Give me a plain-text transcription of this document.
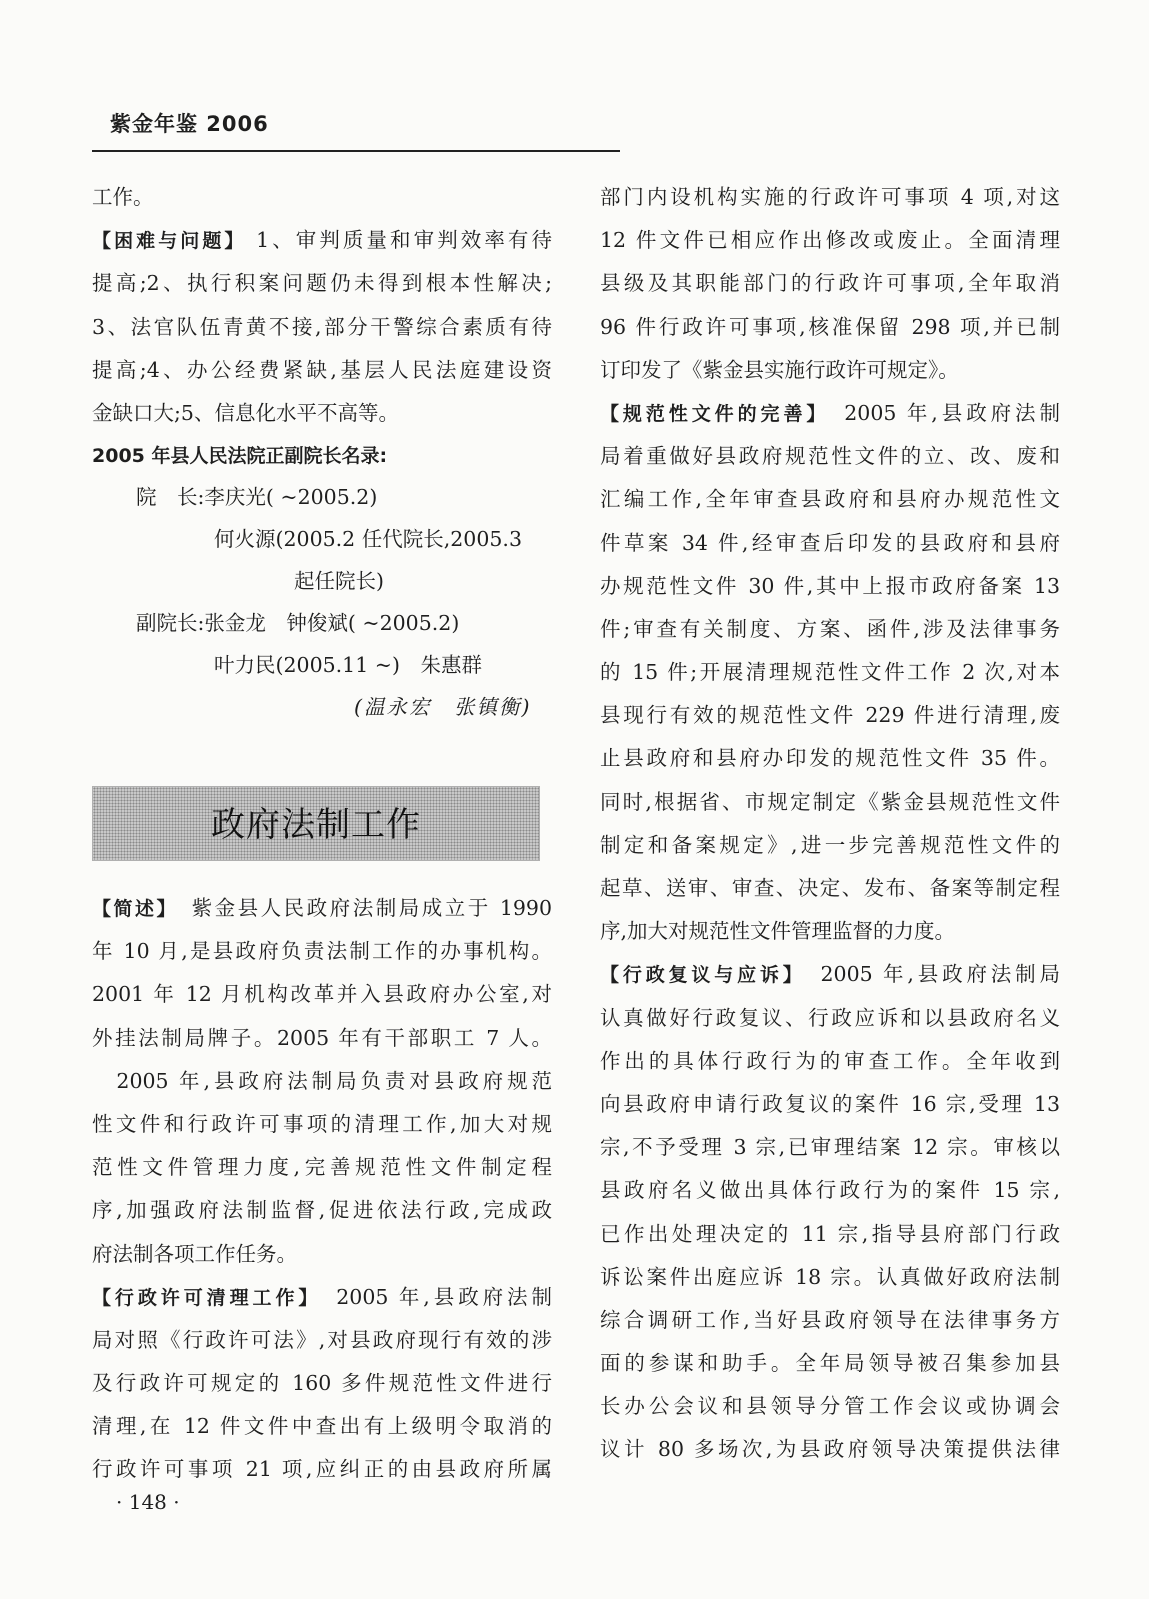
紫金年鉴 2006
工作。
【困难与问题】 1、审判质量和审判效率有待
提高;2、执行积案问题仍未得到根本性解决;
3、法官队伍青黄不接,部分干警综合素质有待
提高;4、办公经费紧缺,基层人民法庭建设资
金缺口大;5、信息化水平不高等。
2005 年县人民法院正副院长名录:
院　长:李庆光( ~2005.2)
何火源(2005.2 任代院长,2005.3
起任院长)
副院长:张金龙　钟俊斌( ~2005.2)
叶力民(2005.11 ~)　朱惠群
(温永宏　张镇衡)
政府法制工作
【简述】　紫金县人民政府法制局成立于 1990
年 10 月,是县政府负责法制工作的办事机构。
2001 年 12 月机构改革并入县政府办公室,对
外挂法制局牌子。2005 年有干部职工 7 人。
　2005 年,县政府法制局负责对县政府规范
性文件和行政许可事项的清理工作,加大对规
范性文件管理力度,完善规范性文件制定程
序,加强政府法制监督,促进依法行政,完成政
府法制各项工作任务。
【行政许可清理工作】　2005 年,县政府法制
局对照《行政许可法》,对县政府现行有效的涉
及行政许可规定的 160 多件规范性文件进行
清理,在 12 件文件中查出有上级明令取消的
行政许可事项 21 项,应纠正的由县政府所属
部门内设机构实施的行政许可事项 4 项,对这
12 件文件已相应作出修改或废止。全面清理
县级及其职能部门的行政许可事项,全年取消
96 件行政许可事项,核准保留 298 项,并已制
订印发了《紫金县实施行政许可规定》。
【规范性文件的完善】　2005 年,县政府法制
局着重做好县政府规范性文件的立、改、废和
汇编工作,全年审查县政府和县府办规范性文
件草案 34 件,经审查后印发的县政府和县府
办规范性文件 30 件,其中上报市政府备案 13
件;审查有关制度、方案、函件,涉及法律事务
的 15 件;开展清理规范性文件工作 2 次,对本
县现行有效的规范性文件 229 件进行清理,废
止县政府和县府办印发的规范性文件 35 件。
同时,根据省、市规定制定《紫金县规范性文件
制定和备案规定》,进一步完善规范性文件的
起草、送审、审查、决定、发布、备案等制定程
序,加大对规范性文件管理监督的力度。
【行政复议与应诉】　2005 年,县政府法制局
认真做好行政复议、行政应诉和以县政府名义
作出的具体行政行为的审查工作。全年收到
向县政府申请行政复议的案件 16 宗,受理 13
宗,不予受理 3 宗,已审理结案 12 宗。审核以
县政府名义做出具体行政行为的案件 15 宗,
已作出处理决定的 11 宗,指导县府部门行政
诉讼案件出庭应诉 18 宗。认真做好政府法制
综合调研工作,当好县政府领导在法律事务方
面的参谋和助手。全年局领导被召集参加县
长办公会议和县领导分管工作会议或协调会
议计 80 多场次,为县政府领导决策提供法律
· 148 ·
